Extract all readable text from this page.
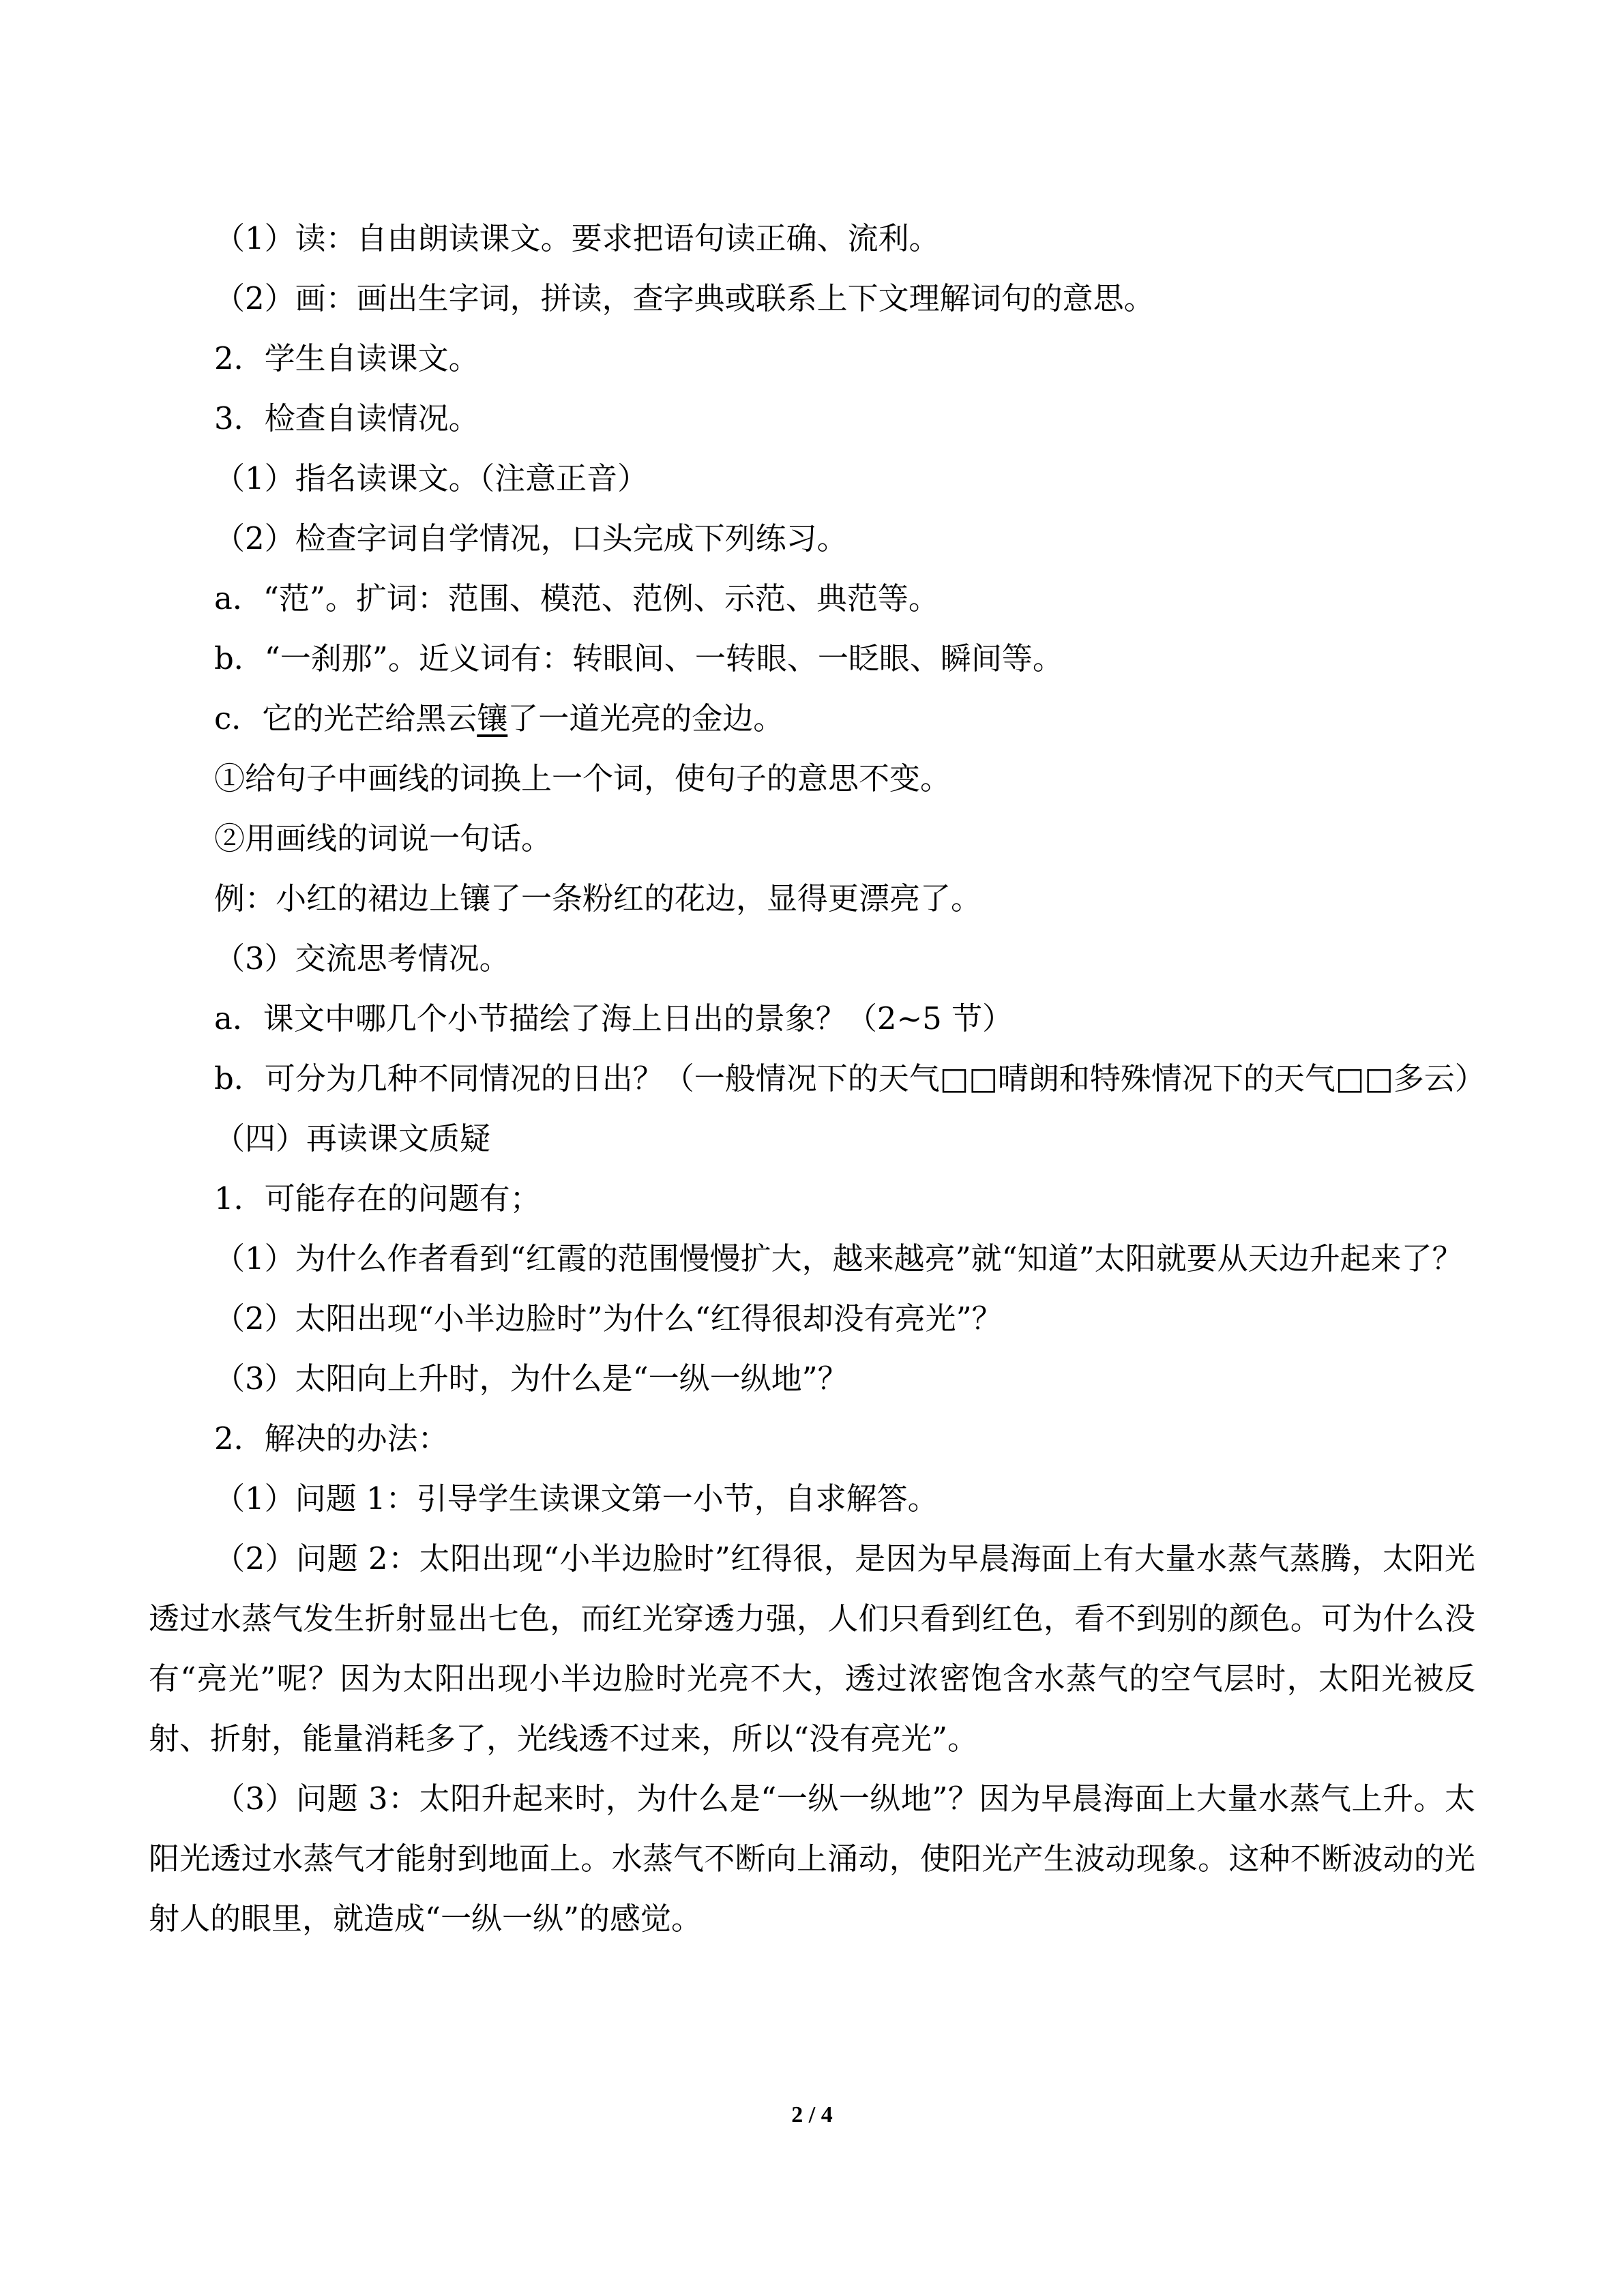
（1）读：自由朗读课文。要求把语句读正确、流利。

（2）画：画出生字词，拼读，查字典或联系上下文理解词句的意思。

2．学生自读课文。

3．检查自读情况。

（1）指名读课文。（注意正音）

（2）检查字词自学情况，口头完成下列练习。

a．“范”。扩词：范围、模范、范例、示范、典范等。

b．“一刹那”。近义词有：转眼间、一转眼、一眨眼、瞬间等。

c．它的光芒给黑云镶了一道光亮的金边。

①给句子中画线的词换上一个词，使句子的意思不变。

②用画线的词说一句话。

例：小红的裙边上镶了一条粉红的花边，显得更漂亮了。

（3）交流思考情况。

a．课文中哪几个小节描绘了海上日出的景象？（2~5 节）

b．可分为几种不同情况的日出？（一般情况下的天气□□晴朗和特殊情况下的天气□□多云）

（四）再读课文质疑

1．可能存在的问题有；

（1）为什么作者看到“红霞的范围慢慢扩大，越来越亮”就“知道”太阳就要从天边升起来了？

（2）太阳出现“小半边脸时”为什么“红得很却没有亮光”？

（3）太阳向上升时，为什么是“一纵一纵地”？

2．解决的办法：

（1）问题 1：引导学生读课文第一小节，自求解答。

（2）问题 2：太阳出现“小半边脸时”红得很，是因为早晨海面上有大量水蒸气蒸腾，太阳光透过水蒸气发生折射显出七色，而红光穿透力强，人们只看到红色，看不到别的颜色。可为什么没有“亮光”呢？因为太阳出现小半边脸时光亮不大，透过浓密饱含水蒸气的空气层时，太阳光被反射、折射，能量消耗多了，光线透不过来，所以“没有亮光”。

（3）问题 3：太阳升起来时，为什么是“一纵一纵地”？因为早晨海面上大量水蒸气上升。太阳光透过水蒸气才能射到地面上。水蒸气不断向上涌动，使阳光产生波动现象。这种不断波动的光射人的眼里，就造成“一纵一纵”的感觉。

2 / 4
